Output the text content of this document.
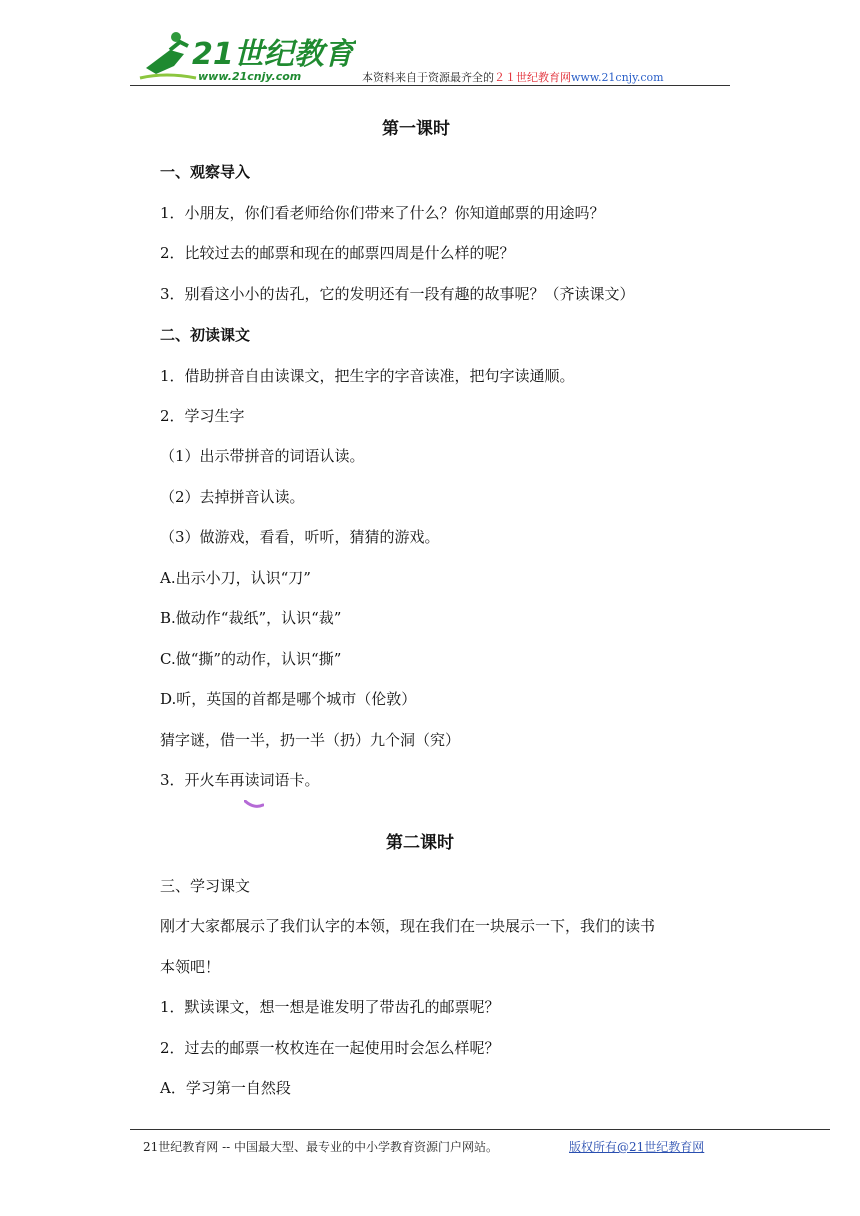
21世纪教育
www.21cnjy.com	本资料来自于资源最齐全的２１世纪教育网www.21cnjy.com
第一课时
一、观察导入
1．小朋友，你们看老师给你们带来了什么？你知道邮票的用途吗？
2．比较过去的邮票和现在的邮票四周是什么样的呢？
3．别看这小小的齿孔，它的发明还有一段有趣的故事呢？（齐读课文）
二、初读课文
1．借助拼音自由读课文，把生字的字音读准，把句字读通顺。
2．学习生字
（1）出示带拼音的词语认读。
（2）去掉拼音认读。
（3）做游戏，看看，听听，猜猜的游戏。
A.出示小刀，认识“刀”
B.做动作“裁纸”，认识“裁”
C.做“撕”的动作，认识“撕”
D.听，英国的首都是哪个城市（伦敦）
猜字谜，借一半，扔一半（扔）九个洞（究）
3．开火车再读词语卡。
第二课时
三、学习课文
刚才大家都展示了我们认字的本领，现在我们在一块展示一下，我们的读书
本领吧！
1．默读课文，想一想是谁发明了带齿孔的邮票呢？
2．过去的邮票一枚枚连在一起使用时会怎么样呢？
A．学习第一自然段
21世纪教育网 -- 中国最大型、最专业的中小学教育资源门户网站。	版权所有@21世纪教育网
